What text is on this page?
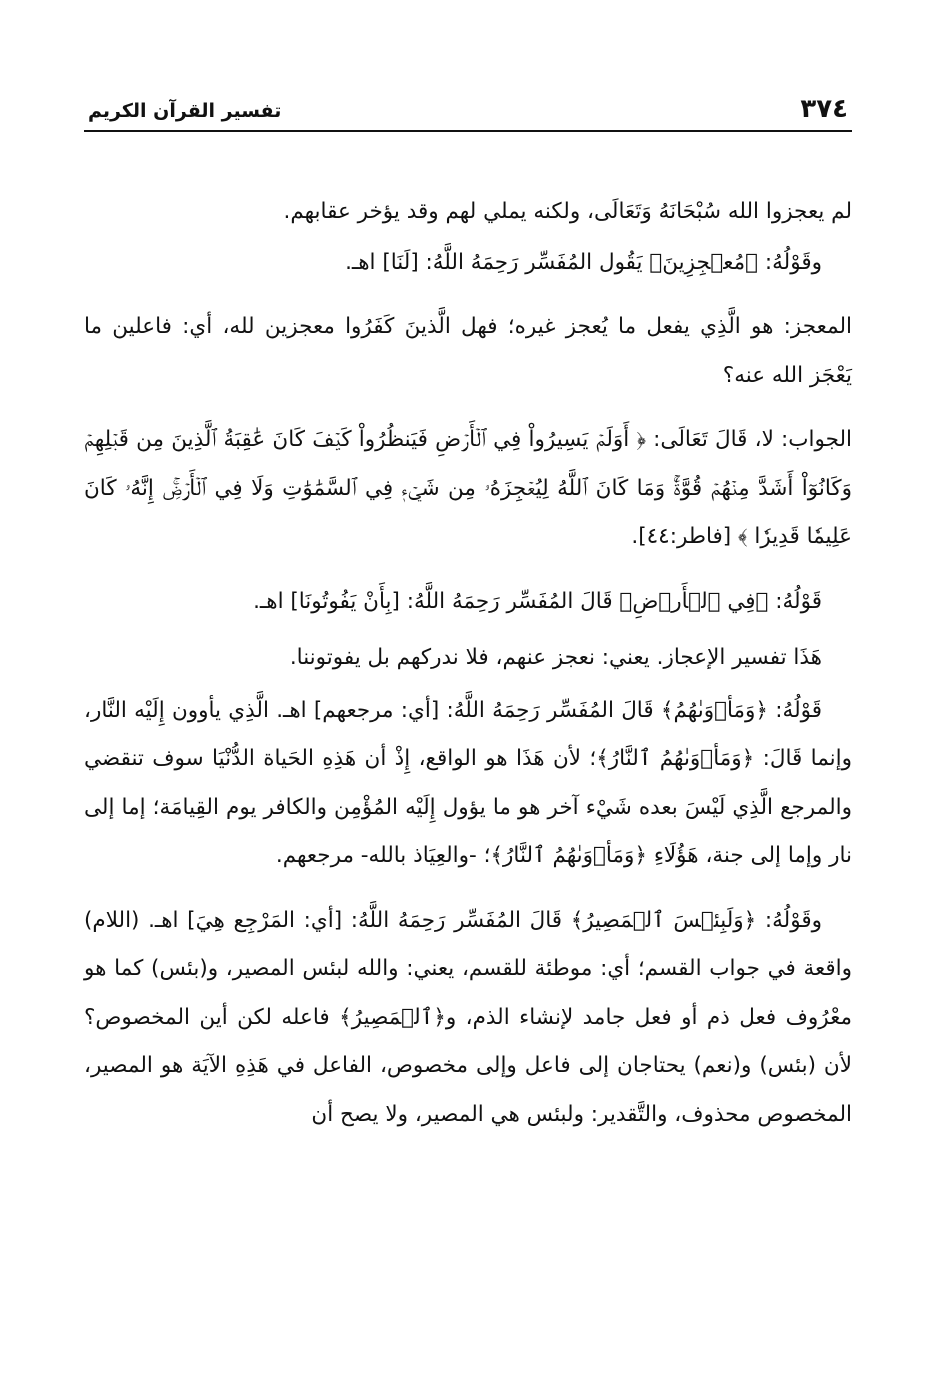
٣٧٤
تفسير القرآن الكريم

لم يعجزوا الله سُبْحَانَهُ وَتَعَالَى، ولكنه يملي لهم وقد يؤخر عقابهم.

وقَوْلُهُ: ﴿مُعۡجِزِينَ﴾ يَقُول المُفَسِّر رَحِمَهُ اللَّهُ: [لَنَا] اهـ.

المعجز: هو الَّذِي يفعل ما يُعجز غيره؛ فهل الَّذينَ كَفَرُوا معجزين لله، أي: فاعلين ما يَعْجَز الله عنه؟

الجواب: لا، قَالَ تَعَالَى: ﴿ أَوَلَمۡ يَسِيرُواْ فِي ٱلۡأَرۡضِ فَيَنظُرُواْ كَيۡفَ كَانَ عَٰقِبَةُ ٱلَّذِينَ مِن قَبۡلِهِمۡ وَكَانُوٓاْ أَشَدَّ مِنۡهُمۡ قُوَّةٗۚ وَمَا كَانَ ٱللَّهُ لِيُعۡجِزَهُۥ مِن شَيۡءٖ فِي ٱلسَّمَٰوَٰتِ وَلَا فِي ٱلۡأَرۡضِۚ إِنَّهُۥ كَانَ عَلِيمٗا قَدِيرٗا ﴾ [فاطر:٤٤].

قَوْلُهُ: ﴿فِي ٱلۡأَرۡضِ﴾ قَالَ المُفَسِّر رَحِمَهُ اللَّهُ: [بِأَنْ يَفُوتُونَا] اهـ.

هَذَا تفسير الإعجاز. يعني: نعجز عنهم، فلا ندركهم بل يفوتوننا.

قَوْلُهُ: ﴿وَمَأۡوَىٰهُمُ﴾ قَالَ المُفَسِّر رَحِمَهُ اللَّهُ: [أي: مرجعهم] اهـ. الَّذِي يأوون إِلَيْه النَّار، وإنما قَالَ: ﴿وَمَأۡوَىٰهُمُ ٱلنَّارُ﴾؛ لأن هَذَا هو الواقع، إِذْ أن هَذِهِ الحَياة الدُّنْيَا سوف تنقضي والمرجع الَّذِي لَيْسَ بعده شَيْء آخر هو ما يؤول إِلَيْه المُؤْمِن والكافر يوم القِيامَة؛ إما إلى نار وإما إلى جنة، هَؤُلَاءِ ﴿وَمَأۡوَىٰهُمُ ٱلنَّارُ﴾؛ -والعِيَاذ بالله- مرجعهم.

وقَوْلُهُ: ﴿وَلَبِئۡسَ ٱلۡمَصِيرُ﴾ قَالَ المُفَسِّر رَحِمَهُ اللَّهُ: [أي: المَرْجِع هِيَ] اهـ. (اللام) واقعة في جواب القسم؛ أي: موطئة للقسم، يعني: والله لبئس المصير، و(بئس) كما هو معْرُوف فعل ذم أو فعل جامد لإنشاء الذم، و﴿ٱلۡمَصِيرُ﴾ فاعله لكن أين المخصوص؟ لأن (بئس) و(نعم) يحتاجان إلى فاعل وإلى مخصوص، الفاعل في هَذِهِ الآيَة هو المصير، المخصوص محذوف، والتَّقدير: ولبئس هي المصير، ولا يصح أن
